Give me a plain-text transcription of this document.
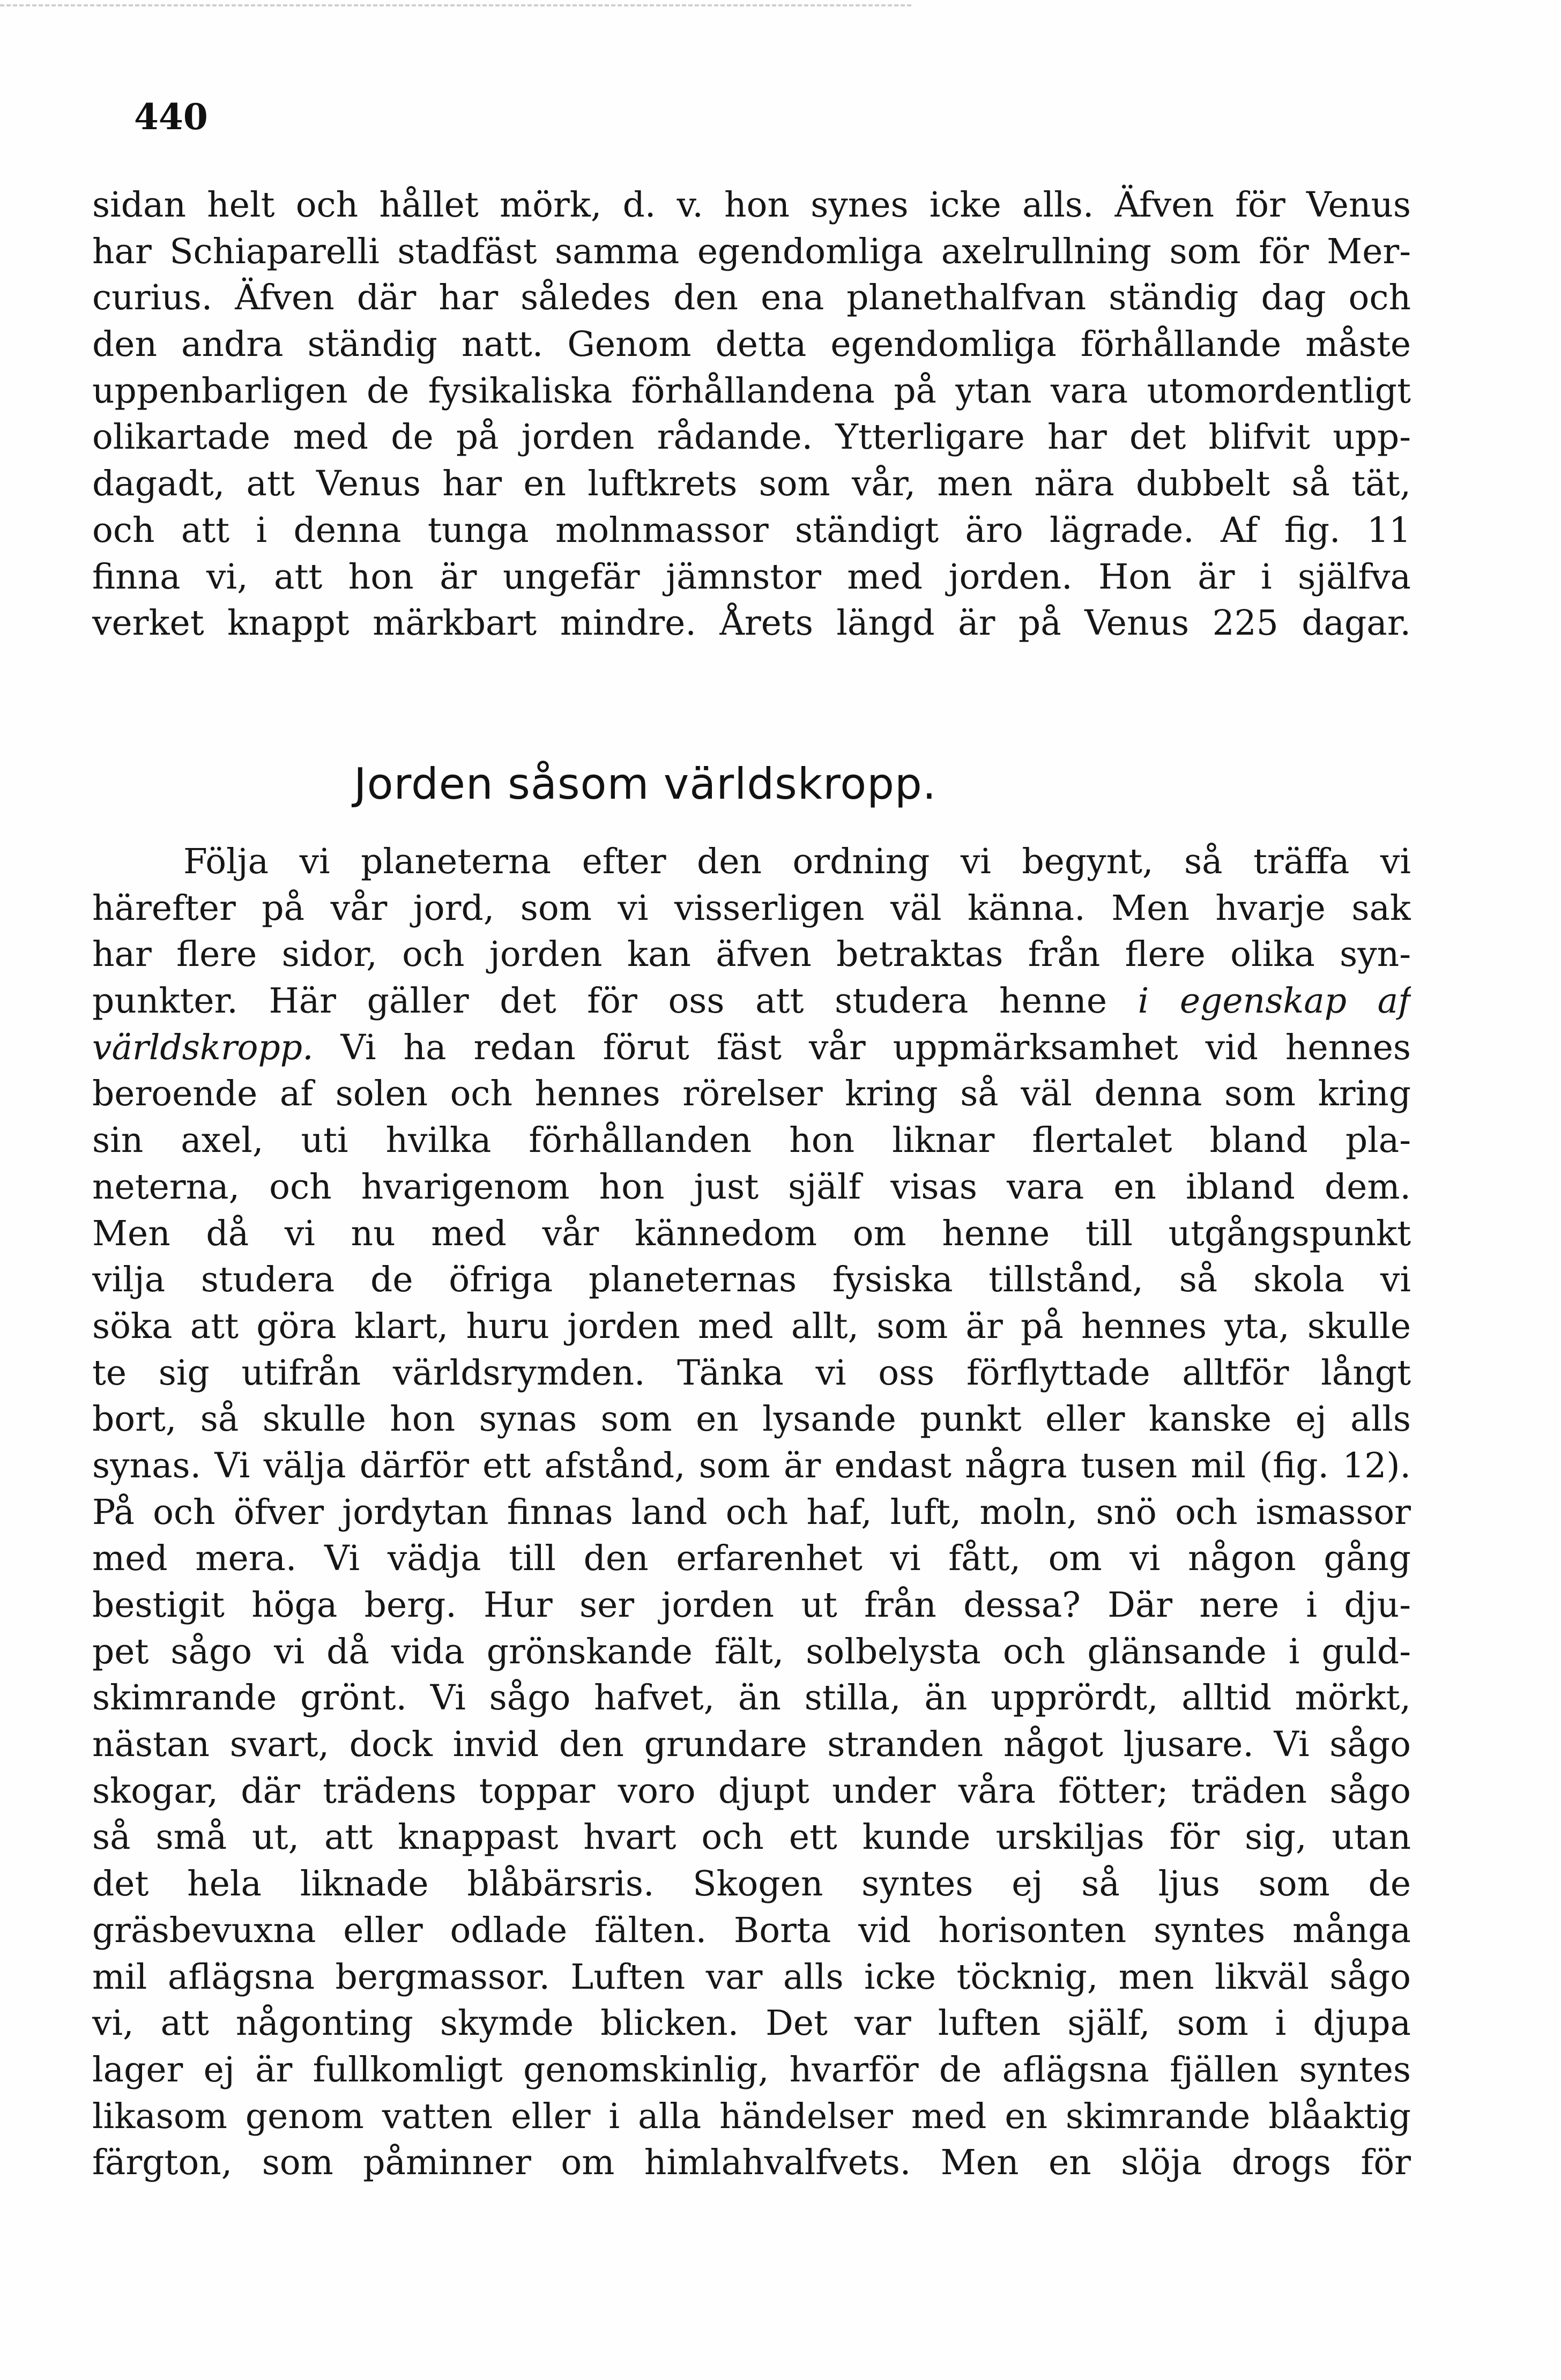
440
sidan helt och hållet mörk, d. v. hon synes icke alls. Äfven för Venus
har Schiaparelli stadfäst samma egendomliga axelrullning som för Mer-
curius. Äfven där har således den ena planethalfvan ständig dag och
den andra ständig natt. Genom detta egendomliga förhållande måste
uppenbarligen de fysikaliska förhållandena på ytan vara utomordentligt
olikartade med de på jorden rådande. Ytterligare har det blifvit upp-
dagadt, att Venus har en luftkrets som vår, men nära dubbelt så tät,
och att i denna tunga molnmassor ständigt äro lägrade. Af fig. 11
finna vi, att hon är ungefär jämnstor med jorden. Hon är i själfva
verket knappt märkbart mindre. Årets längd är på Venus 225 dagar.
Jorden såsom världskropp.
Följa vi planeterna efter den ordning vi begynt, så träffa vi
härefter på vår jord, som vi visserligen väl känna. Men hvarje sak
har flere sidor, och jorden kan äfven betraktas från flere olika syn-
punkter. Här gäller det för oss att studera henne i egenskap af
världskropp. Vi ha redan förut fäst vår uppmärksamhet vid hennes
beroende af solen och hennes rörelser kring så väl denna som kring
sin axel, uti hvilka förhållanden hon liknar flertalet bland pla-
neterna, och hvarigenom hon just själf visas vara en ibland dem.
Men då vi nu med vår kännedom om henne till utgångspunkt
vilja studera de öfriga planeternas fysiska tillstånd, så skola vi
söka att göra klart, huru jorden med allt, som är på hennes yta, skulle
te sig utifrån världsrymden. Tänka vi oss förflyttade alltför långt
bort, så skulle hon synas som en lysande punkt eller kanske ej alls
synas. Vi välja därför ett afstånd, som är endast några tusen mil (fig. 12).
På och öfver jordytan finnas land och haf, luft, moln, snö och ismassor
med mera. Vi vädja till den erfarenhet vi fått, om vi någon gång
bestigit höga berg. Hur ser jorden ut från dessa? Där nere i dju-
pet sågo vi då vida grönskande fält, solbelysta och glänsande i guld-
skimrande grönt. Vi sågo hafvet, än stilla, än upprördt, alltid mörkt,
nästan svart, dock invid den grundare stranden något ljusare. Vi sågo
skogar, där trädens toppar voro djupt under våra fötter; träden sågo
så små ut, att knappast hvart och ett kunde urskiljas för sig, utan
det hela liknade blåbärsris. Skogen syntes ej så ljus som de
gräsbevuxna eller odlade fälten. Borta vid horisonten syntes många
mil aflägsna bergmassor. Luften var alls icke töcknig, men likväl sågo
vi, att någonting skymde blicken. Det var luften själf, som i djupa
lager ej är fullkomligt genomskinlig, hvarför de aflägsna fjällen syntes
likasom genom vatten eller i alla händelser med en skimrande blåaktig
färgton, som påminner om himlahvalfvets. Men en slöja drogs för
